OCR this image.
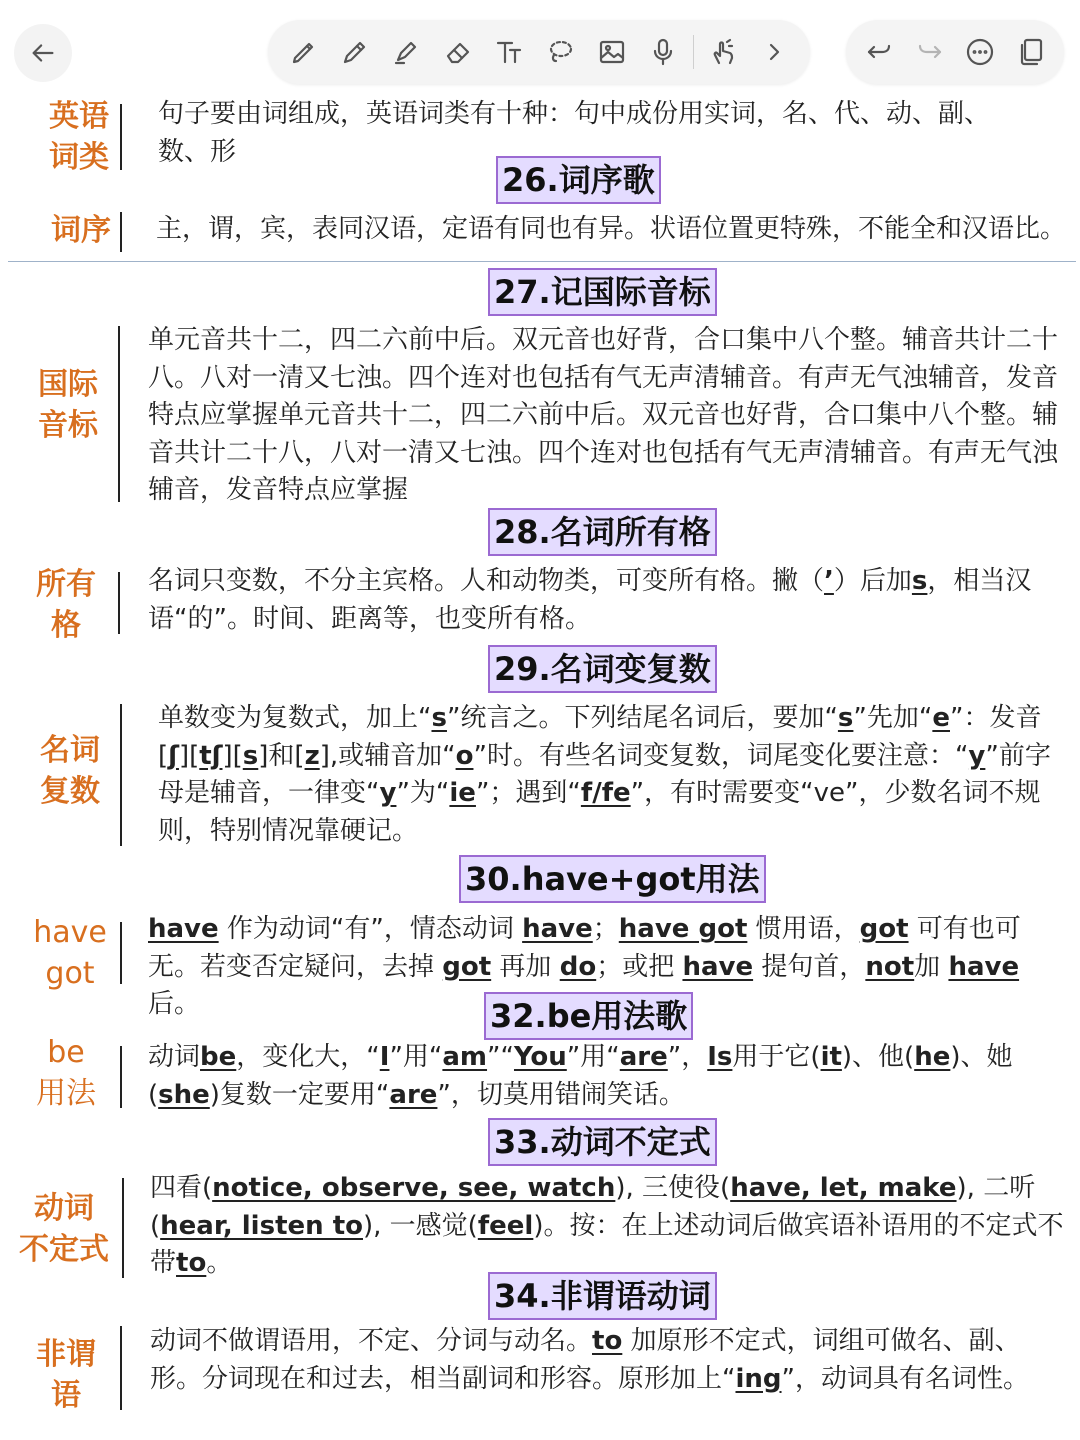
英语
词类
句子要由词组成，英语词类有十种：句中成份用实词，名、代、动、副、数、形
26.词序歌
词序	主，谓，宾，表同汉语，定语有同也有异。状语位置更特殊，不能全和汉语比。
27.记国际音标
国际
音标
单元音共十二，四二六前中后。双元音也好背，合口集中八个整。辅音共计二十八。八对一清又七浊。四个连对也包括有气无声清辅音。有声无气浊辅音，发音特点应掌握单元音共十二，四二六前中后。双元音也好背，合口集中八个整。辅音共计二十八，八对一清又七浊。四个连对也包括有气无声清辅音。有声无气浊辅音，发音特点应掌握
28.名词所有格
所有
格
名词只变数，不分主宾格。人和动物类，可变所有格。撇（’）后加s，相当汉语“的”。时间、距离等，也变所有格。
29.名词变复数
名词
复数
单数变为复数式，加上“s”统言之。下列结尾名词后，要加“s”先加“e”：发音[ʃ][tʃ][s]和[z],或辅音加“o”时。有些名词变复数，词尾变化要注意：“y”前字母是辅音，一律变“y”为“ie”；遇到“f/fe”，有时需要变“ve”，少数名词不规则，特别情况靠硬记。
30.have+got用法
have
got
have 作为动词“有”，情态动词 have；have got 惯用语，got 可有也可无。若变否定疑问，去掉 got 再加 do；或把 have 提句首，not加 have 后。	32.be用法歌
be
用法
动词be，变化大，“I”用“am”“You”用“are”，Is用于它(it)、他(he)、她(she)复数一定要用“are”，切莫用错闹笑话。
33.动词不定式
动词
不定式
四看(notice, observe, see, watch), 三使役(have, let, make), 二听(hear, listen to), 一感觉(feel)。按：在上述动词后做宾语补语用的不定式不带to。
34.非谓语动词
非谓
语
动词不做谓语用，不定、分词与动名。to 加原形不定式，词组可做名、副、形。分词现在和过去，相当副词和形容。原形加上“ing”，动词具有名词性。
